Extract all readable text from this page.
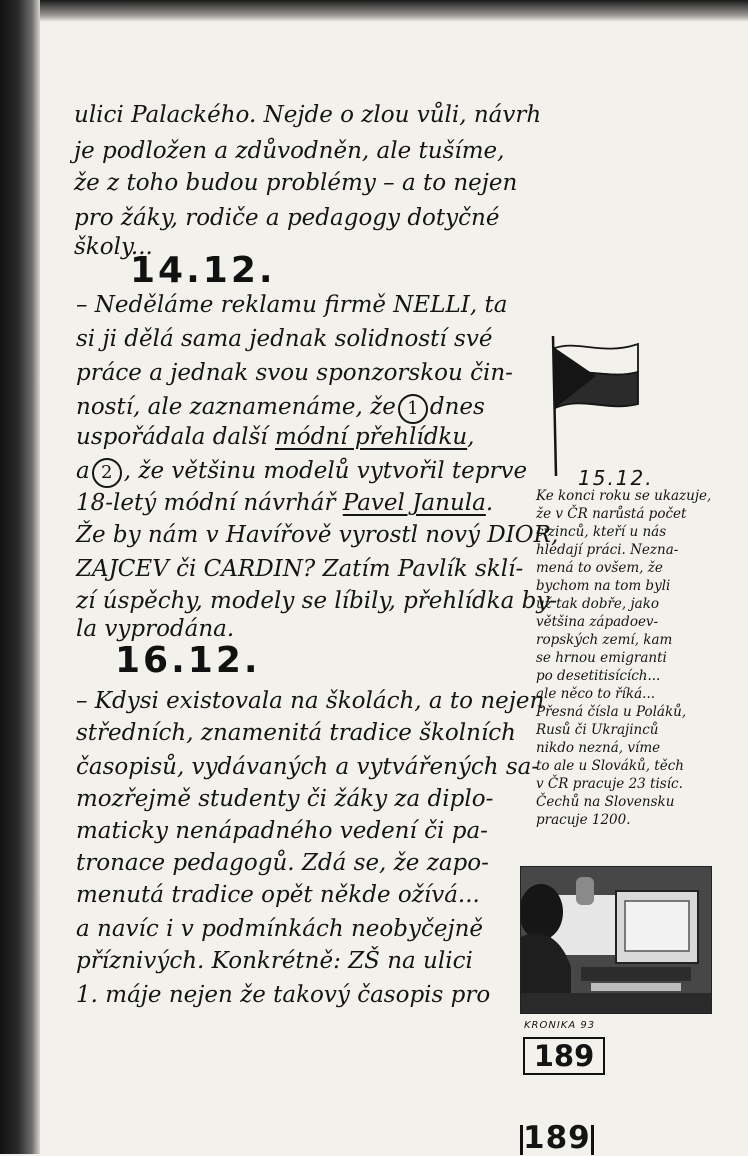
ulici Palackého. Nejde o zlou vůli, návrh

je podložen a zdůvodněn, ale tušíme,

že z toho budou problémy – a to nejen

pro žáky, rodiče a pedagogy dotyčné

školy...

14.12.

– Neděláme reklamu firmě NELLI, ta

si ji dělá sama jednak solidností své

práce a jednak svou sponzorskou čin-

ností, ale zaznamenáme, že 1 dnes

uspořádala další módní přehlídku,

a 2 , že většinu modelů vytvořil teprve

18-letý módní návrhář Pavel Janula.

Že by nám v Havířově vyrostl nový DIOR,

ZAJCEV či CARDIN? Zatím Pavlík sklí-

zí úspěchy, modely se líbily, přehlídka by-

la vyprodána.

16.12.

– Kdysi existovala na školách, a to nejen

středních, znamenitá tradice školních

časopisů, vydávaných a vytvářených sa-

mozřejmě studenty či žáky za diplo-

maticky nenápadného vedení či pa-

tronace pedagogů. Zdá se, že zapo-

menutá tradice opět někde ožívá...

a navíc i v podmínkách neobyčejně

příznivých. Konkrétně: ZŠ na ulici

1. máje nejen že takový časopis pro

15.12.
Ke konci roku se ukazuje,
že v ČR narůstá počet
cizinců, kteří u nás
hledají práci. Nezna-
mená to ovšem, že
bychom na tom byli
už tak dobře, jako
většina západoev-
ropských zemí, kam
se hrnou emigranti
po desetitisících...
ale něco to říká...
Přesná čísla u Poláků,
Rusů či Ukrajinců
nikdo nezná, víme
to ale u Slováků, těch
v ČR pracuje 23 tisíc.
Čechů na Slovensku
pracuje 1200.
KRONIKA 93
189
189
